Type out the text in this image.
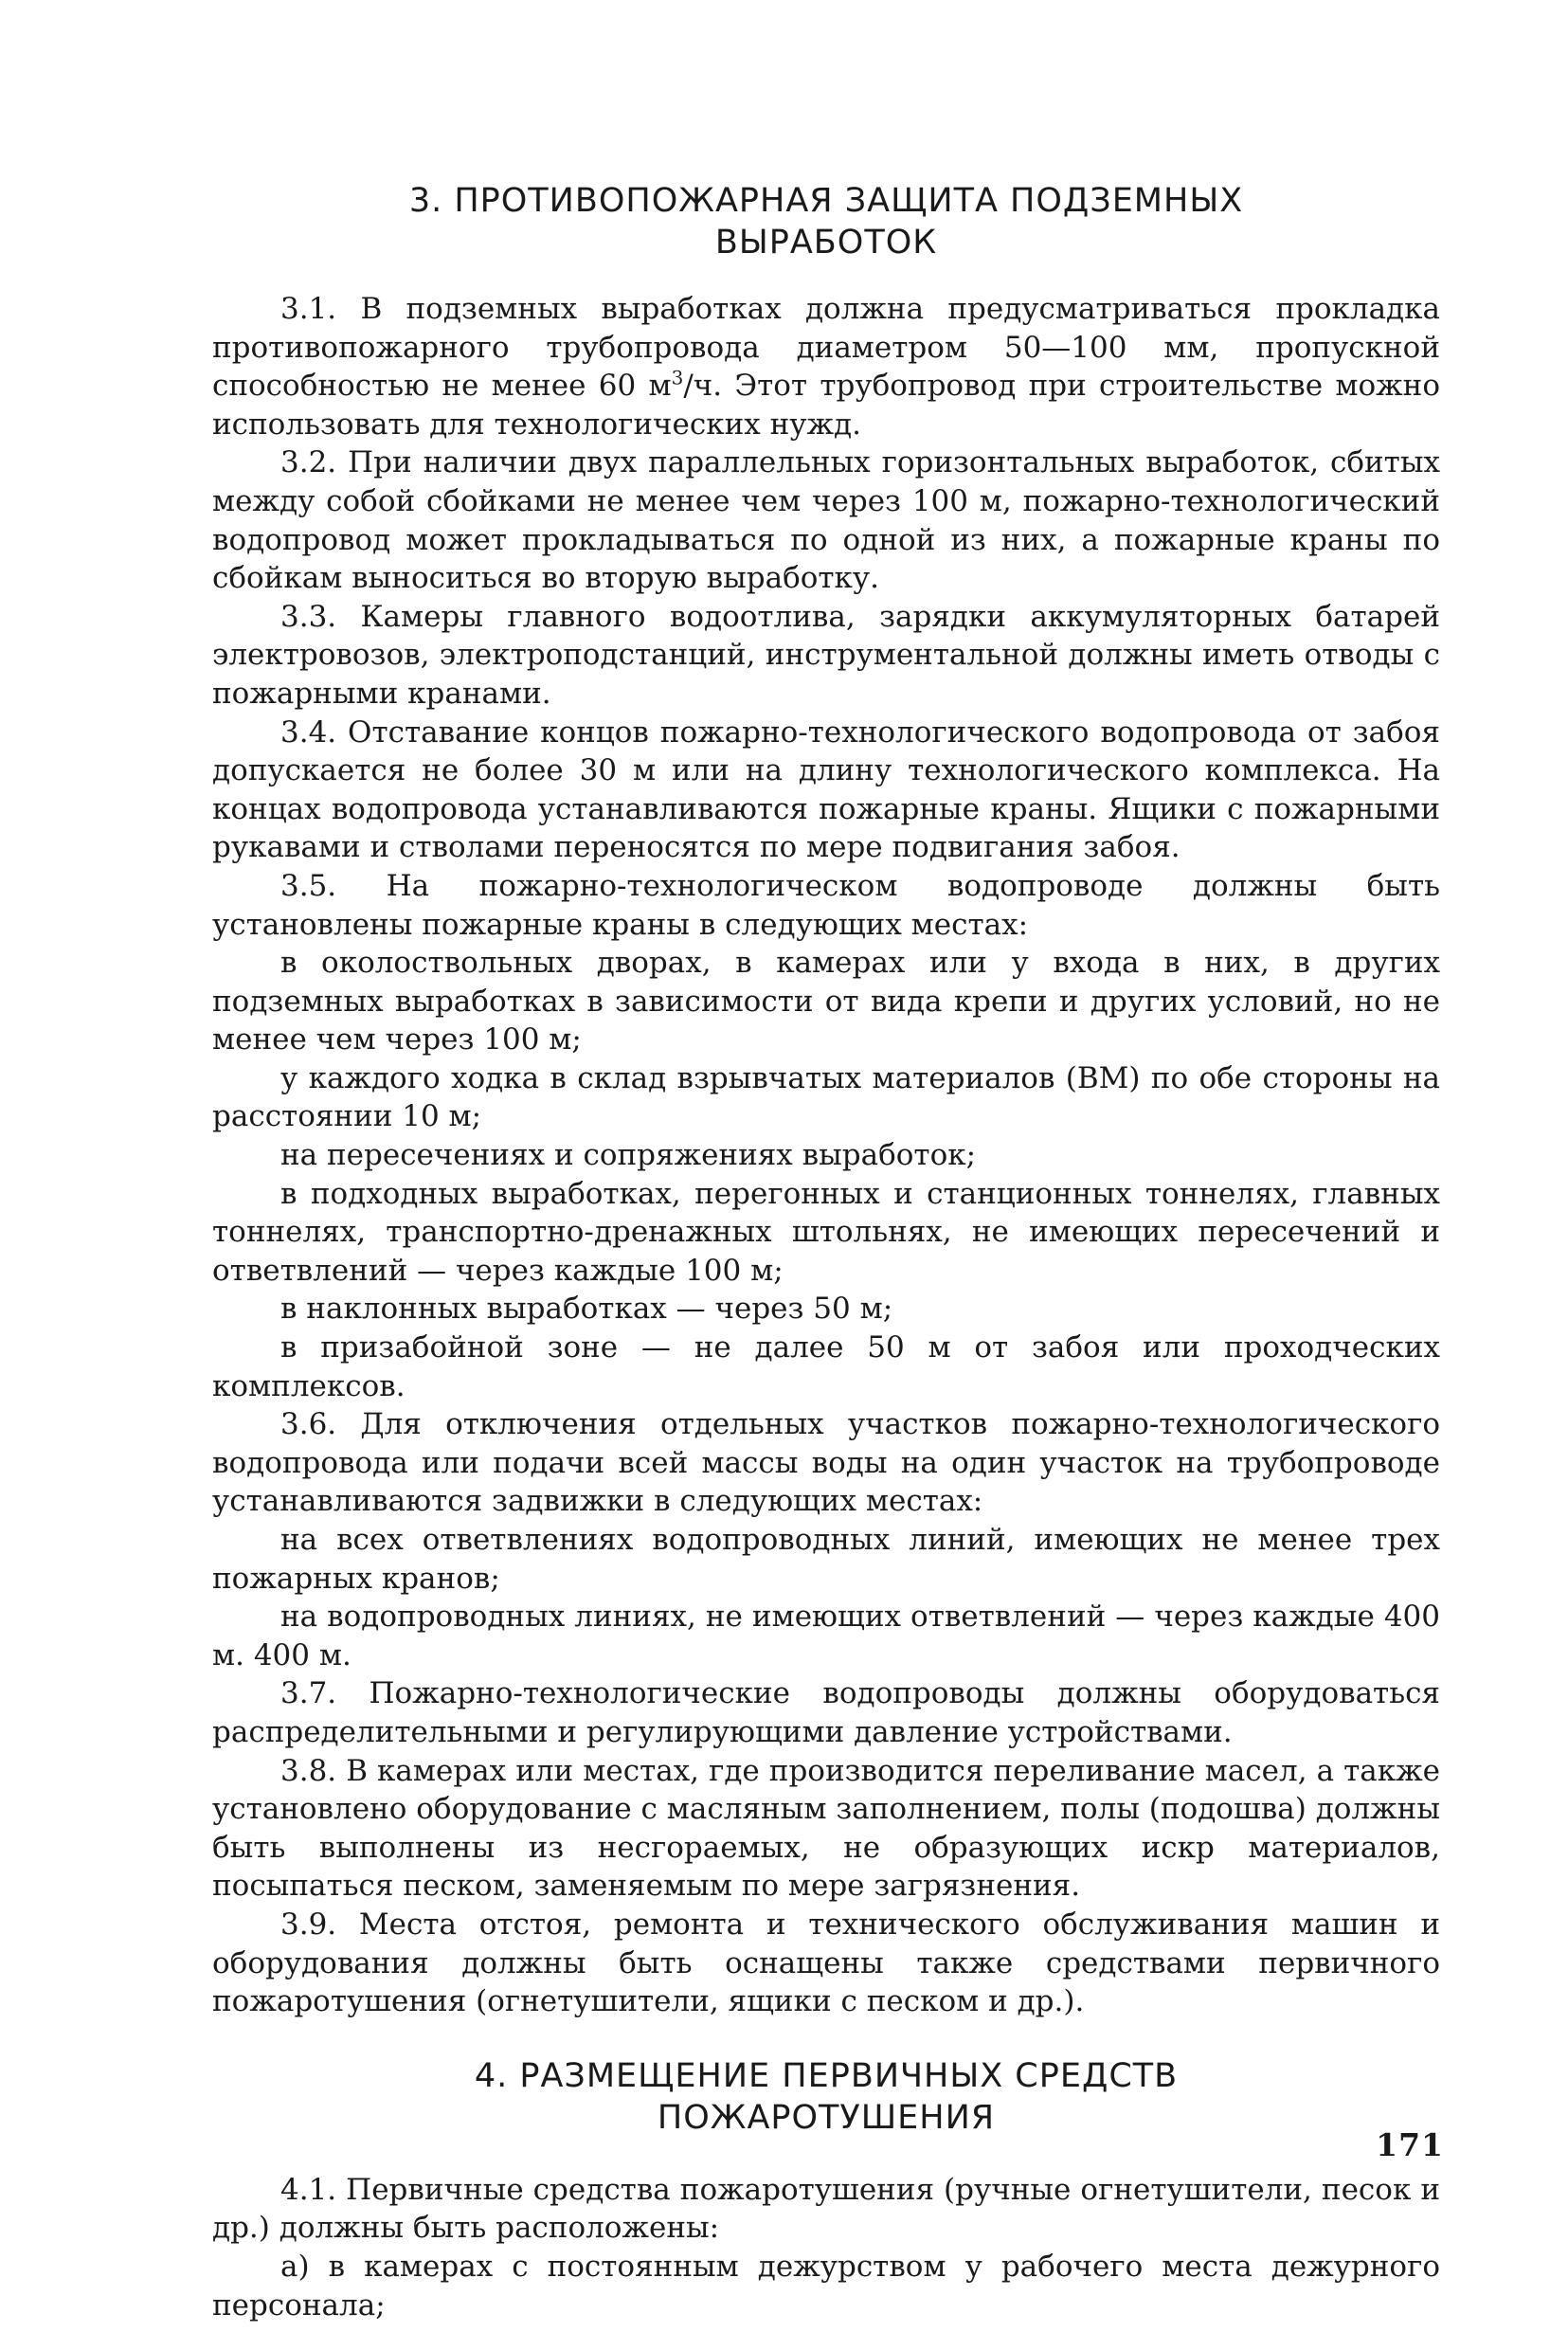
3. ПРОТИВОПОЖАРНАЯ ЗАЩИТА ПОДЗЕМНЫХ
ВЫРАБОТОК

3.1. В подземных выработках должна предусматриваться прокладка противопожарного трубопровода диаметром 50—100 мм, пропускной способностью не менее 60 $м^3/ч$. Этот трубопровод при строительстве можно использовать для технологических нужд.

3.2. При наличии двух параллельных горизонтальных выработок, сбитых между собой сбойками не менее чем через 100 м, пожарно-технологический водопровод может прокладываться по одной из них, а пожарные краны по сбойкам выноситься во вторую выработку.

3.3. Камеры главного водоотлива, зарядки аккумуляторных батарей электровозов, электроподстанций, инструментальной должны иметь отводы с пожарными кранами.

3.4. Отставание концов пожарно-технологического водопровода от забоя допускается не более 30 м или на длину технологического комплекса. На концах водопровода устанавливаются пожарные краны. Ящики с пожарными рукавами и стволами переносятся по мере подвигания забоя.

3.5. На пожарно-технологическом водопроводе должны быть установлены пожарные краны в следующих местах:

в околоствольных дворах, в камерах или у входа в них, в других подземных выработках в зависимости от вида крепи и других условий, но не менее чем через 100 м;

у каждого ходка в склад взрывчатых материалов (ВМ) по обе стороны на расстоянии 10 м;

на пересечениях и сопряжениях выработок;

в подходных выработках, перегонных и станционных тоннелях, главных тоннелях, транспортно-дренажных штольнях, не имеющих пересечений и ответвлений — через каждые 100 м;

в наклонных выработках — через 50 м;

в призабойной зоне — не далее 50 м от забоя или проходческих комплексов.

3.6. Для отключения отдельных участков пожарно-технологического водопровода или подачи всей массы воды на один участок на трубопроводе устанавливаются задвижки в следующих местах:

на всех ответвлениях водопроводных линий, имеющих не менее трех пожарных кранов;

на водопроводных линиях, не имеющих ответвлений — через каждые 400 м. 400 м.

3.7. Пожарно-технологические водопроводы должны оборудоваться распределительными и регулирующими давление устройствами.

3.8. В камерах или местах, где производится переливание масел, а также установлено оборудование с масляным заполнением, полы (подошва) должны быть выполнены из несгораемых, не образующих искр материалов, посыпаться песком, заменяемым по мере загрязнения.

3.9. Места отстоя, ремонта и технического обслуживания машин и оборудования должны быть оснащены также средствами первичного пожаротушения (огнетушители, ящики с песком и др.).

4. РАЗМЕЩЕНИЕ ПЕРВИЧНЫХ СРЕДСТВ
ПОЖАРОТУШЕНИЯ

4.1. Первичные средства пожаротушения (ручные огнетушители, песок и др.) должны быть расположены:

а) в камерах с постоянным дежурством у рабочего места дежурного персонала;

171
